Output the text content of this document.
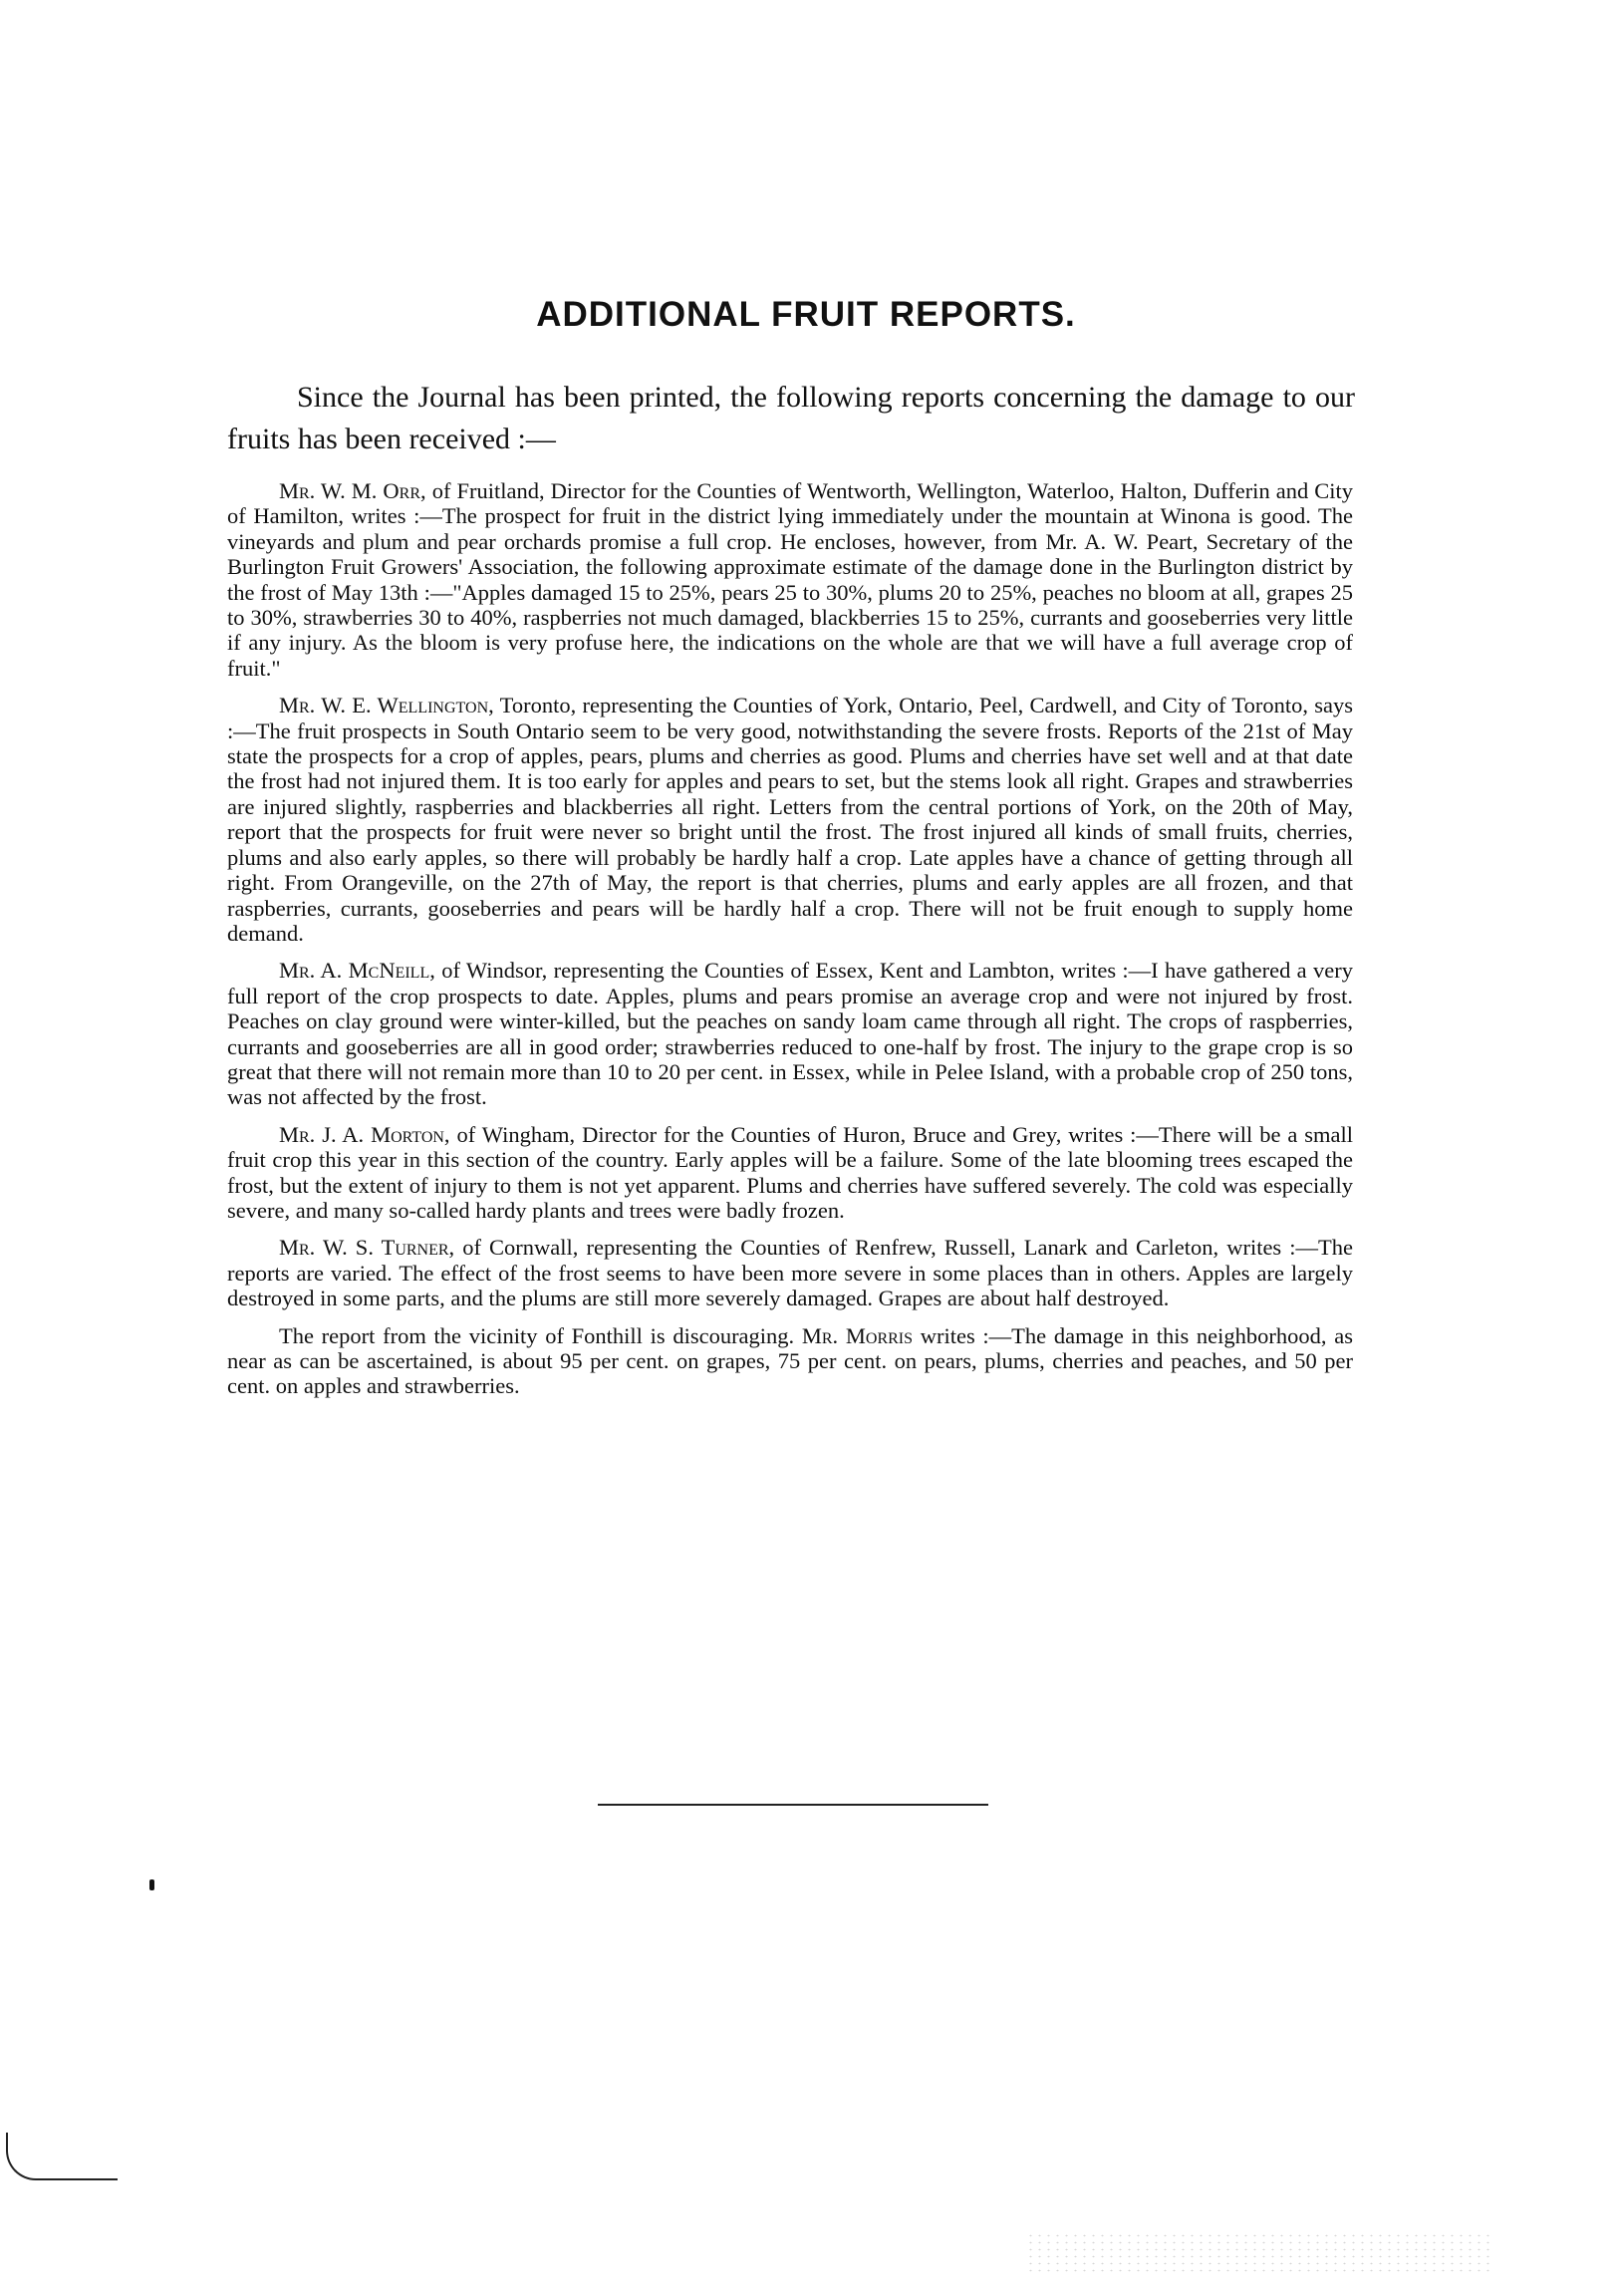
ADDITIONAL FRUIT REPORTS.

Since the Journal has been printed, the following reports concerning the damage to our fruits has been received :—

Mr. W. M. Orr, of Fruitland, Director for the Counties of Wentworth, Wellington, Waterloo, Halton, Dufferin and City of Hamilton, writes :—The prospect for fruit in the district lying immediately under the mountain at Winona is good. The vineyards and plum and pear orchards promise a full crop. He encloses, however, from Mr. A. W. Peart, Secretary of the Burlington Fruit Growers' Association, the following approximate estimate of the damage done in the Burlington district by the frost of May 13th :—"Apples damaged 15 to 25%, pears 25 to 30%, plums 20 to 25%, peaches no bloom at all, grapes 25 to 30%, strawberries 30 to 40%, raspberries not much damaged, blackberries 15 to 25%, currants and gooseberries very little if any injury. As the bloom is very profuse here, the indications on the whole are that we will have a full average crop of fruit."

Mr. W. E. Wellington, Toronto, representing the Counties of York, Ontario, Peel, Cardwell, and City of Toronto, says :—The fruit prospects in South Ontario seem to be very good, notwithstanding the severe frosts. Reports of the 21st of May state the prospects for a crop of apples, pears, plums and cherries as good. Plums and cherries have set well and at that date the frost had not injured them. It is too early for apples and pears to set, but the stems look all right. Grapes and strawberries are injured slightly, raspberries and blackberries all right. Letters from the central portions of York, on the 20th of May, report that the prospects for fruit were never so bright until the frost. The frost injured all kinds of small fruits, cherries, plums and also early apples, so there will probably be hardly half a crop. Late apples have a chance of getting through all right. From Orangeville, on the 27th of May, the report is that cherries, plums and early apples are all frozen, and that raspberries, currants, gooseberries and pears will be hardly half a crop. There will not be fruit enough to supply home demand.

Mr. A. McNeill, of Windsor, representing the Counties of Essex, Kent and Lambton, writes :—I have gathered a very full report of the crop prospects to date. Apples, plums and pears promise an average crop and were not injured by frost. Peaches on clay ground were winter-killed, but the peaches on sandy loam came through all right. The crops of raspberries, currants and gooseberries are all in good order; strawberries reduced to one-half by frost. The injury to the grape crop is so great that there will not remain more than 10 to 20 per cent. in Essex, while in Pelee Island, with a probable crop of 250 tons, was not affected by the frost.

Mr. J. A. Morton, of Wingham, Director for the Counties of Huron, Bruce and Grey, writes :—There will be a small fruit crop this year in this section of the country. Early apples will be a failure. Some of the late blooming trees escaped the frost, but the extent of injury to them is not yet apparent. Plums and cherries have suffered severely. The cold was especially severe, and many so-called hardy plants and trees were badly frozen.

Mr. W. S. Turner, of Cornwall, representing the Counties of Renfrew, Russell, Lanark and Carleton, writes :—The reports are varied. The effect of the frost seems to have been more severe in some places than in others. Apples are largely destroyed in some parts, and the plums are still more severely damaged. Grapes are about half destroyed.

The report from the vicinity of Fonthill is discouraging. Mr. Morris writes :—The damage in this neighborhood, as near as can be ascertained, is about 95 per cent. on grapes, 75 per cent. on pears, plums, cherries and peaches, and 50 per cent. on apples and strawberries.
